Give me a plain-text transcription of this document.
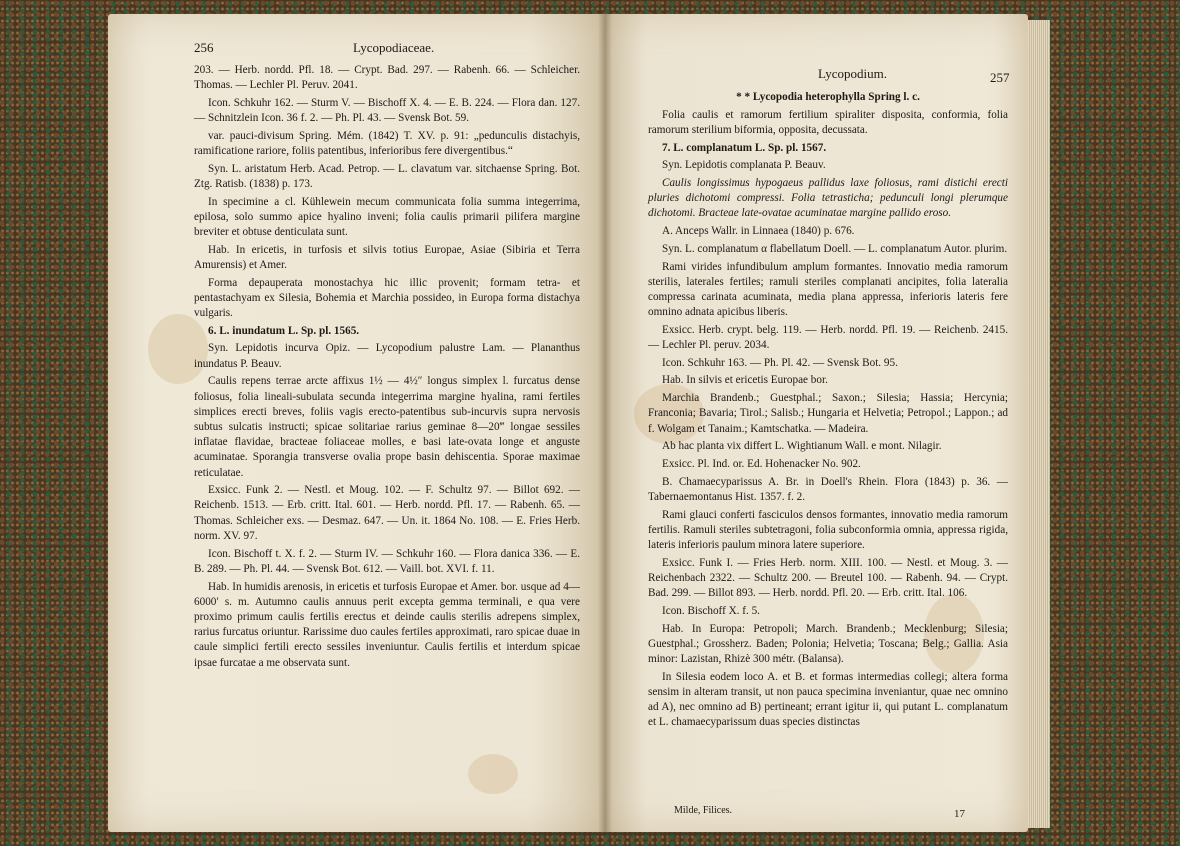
256	Lycopodiaceae.

203. — Herb. nordd. Pfl. 18. — Crypt. Bad. 297. — Rabenh. 66. — Schleicher. Thomas. — Lechler Pl. Peruv. 2041.

Icon. Schkuhr 162. — Sturm V. — Bischoff X. 4. — E. B. 224. — Flora dan. 127. — Schnitzlein Icon. 36 f. 2. — Ph. Pl. 43. — Svensk Bot. 59.

var. pauci-divisum Spring. Mém. (1842) T. XV. p. 91: „pedunculis distachyis, ramificatione rariore, foliis patentibus, inferioribus fere divergentibus.“

Syn. L. aristatum Herb. Acad. Petrop. — L. clavatum var. sitchaense Spring. Bot. Ztg. Ratisb. (1838) p. 173.

In specimine a cl. Kühlewein mecum communicata folia summa integerrima, epilosa, solo summo apice hyalino inveni; folia caulis primarii pilifera margine breviter et obtuse denticulata sunt.

Hab. In ericetis, in turfosis et silvis totius Europae, Asiae (Sibiria et Terra Amurensis) et Amer.

Forma depauperata monostachya hic illic provenit; formam tetra- et pentastachyam ex Silesia, Bohemia et Marchia possideo, in Europa forma distachya vulgaris.

6. L. inundatum L. Sp. pl. 1565.

Syn. Lepidotis incurva Opiz. — Lycopodium palustre Lam. — Plananthus inundatus P. Beauv.

Caulis repens terrae arcte affixus 1½ — 4½″ longus simplex l. furcatus dense foliosus, folia lineali-subulata secunda integerrima margine hyalina, rami fertiles simplices erecti breves, foliis vagis erecto-patentibus sub-incurvis supra nervosis subtus sulcatis instructi; spicae solitariae rarius geminae 8—20‴ longae sessiles inflatae flavidae, bracteae foliaceae molles, e basi late-ovata longe et anguste acuminatae. Sporangia transverse ovalia prope basin dehiscentia. Sporae maximae reticulatae.

Exsicc. Funk 2. — Nestl. et Moug. 102. — F. Schultz 97. — Billot 692. — Reichenb. 1513. — Erb. critt. Ital. 601. — Herb. nordd. Pfl. 17. — Rabenh. 65. — Thomas. Schleicher exs. — Desmaz. 647. — Un. it. 1864 No. 108. — E. Fries Herb. norm. XV. 97.

Icon. Bischoff t. X. f. 2. — Sturm IV. — Schkuhr 160. — Flora danica 336. — E. B. 289. — Ph. Pl. 44. — Svensk Bot. 612. — Vaill. bot. XVI. f. 11.

Hab. In humidis arenosis, in ericetis et turfosis Europae et Amer. bor. usque ad 4—6000′ s. m. Autumno caulis annuus perit excepta gemma terminali, e qua vere proximo primum caulis fertilis erectus et deinde caulis sterilis adrepens simplex, rarius furcatus oriuntur. Rarissime duo caules fertiles approximati, raro spicae duae in caule simplici fertili erecto sessiles inveniuntur. Caulis fertilis et interdum spicae ipsae furcatae a me observata sunt.

Lycopodium.	257

* * Lycopodia heterophylla Spring l. c.

Folia caulis et ramorum fertilium spiraliter disposita, conformia, folia ramorum sterilium biformia, opposita, decussata.

7. L. complanatum L. Sp. pl. 1567.

Syn. Lepidotis complanata P. Beauv.

Caulis longissimus hypogaeus pallidus laxe foliosus, rami distichi erecti pluries dichotomi compressi. Folia tetrasticha; pedunculi longi plerumque dichotomi. Bracteae late-ovatae acuminatae margine pallido eroso.

A. Anceps Wallr. in Linnaea (1840) p. 676.

Syn. L. complanatum α flabellatum Doell. — L. complanatum Autor. plurim.

Rami virides infundibulum amplum formantes. Innovatio media ramorum sterilis, laterales fertiles; ramuli steriles complanati ancipites, folia lateralia compressa carinata acuminata, media plana appressa, inferioris lateris fere omnino adnata apicibus liberis.

Exsicc. Herb. crypt. belg. 119. — Herb. nordd. Pfl. 19. — Reichenb. 2415. — Lechler Pl. peruv. 2034.

Icon. Schkuhr 163. — Ph. Pl. 42. — Svensk Bot. 95.

Hab. In silvis et ericetis Europae bor.

Marchia Brandenb.; Guestphal.; Saxon.; Silesia; Hassia; Hercynia; Franconia; Bavaria; Tirol.; Salisb.; Hungaria et Helvetia; Petropol.; Lappon.; ad f. Wolgam et Tanaim.; Kamtschatka. — Madeira.

Ab hac planta vix differt L. Wightianum Wall. e mont. Nilagir.

Exsicc. Pl. Ind. or. Ed. Hohenacker No. 902.

B. Chamaecyparissus A. Br. in Doell's Rhein. Flora (1843) p. 36. — Tabernaemontanus Hist. 1357. f. 2.

Rami glauci conferti fasciculos densos formantes, innovatio media ramorum fertilis. Ramuli steriles subtetragoni, folia subconformia omnia, appressa rigida, lateris inferioris paulum minora latere superiore.

Exsicc. Funk I. — Fries Herb. norm. XIII. 100. — Nestl. et Moug. 3. — Reichenbach 2322. — Schultz 200. — Breutel 100. — Rabenh. 94. — Crypt. Bad. 299. — Billot 893. — Herb. nordd. Pfl. 20. — Erb. critt. Ital. 106.

Icon. Bischoff X. f. 5.

Hab. In Europa: Petropoli; March. Brandenb.; Mecklenburg; Silesia; Guestphal.; Grossherz. Baden; Polonia; Helvetia; Toscana; Belg.; Gallia. Asia minor: Lazistan, Rhizè 300 métr. (Balansa).

In Silesia eodem loco A. et B. et formas intermedias collegi; altera forma sensim in alteram transit, ut non pauca specimina inveniantur, quae nec omnino ad A), nec omnino ad B) pertineant; errant igitur ii, qui putant L. complanatum et L. chamaecyparissum duas species distinctas

Milde, Filices.	17
